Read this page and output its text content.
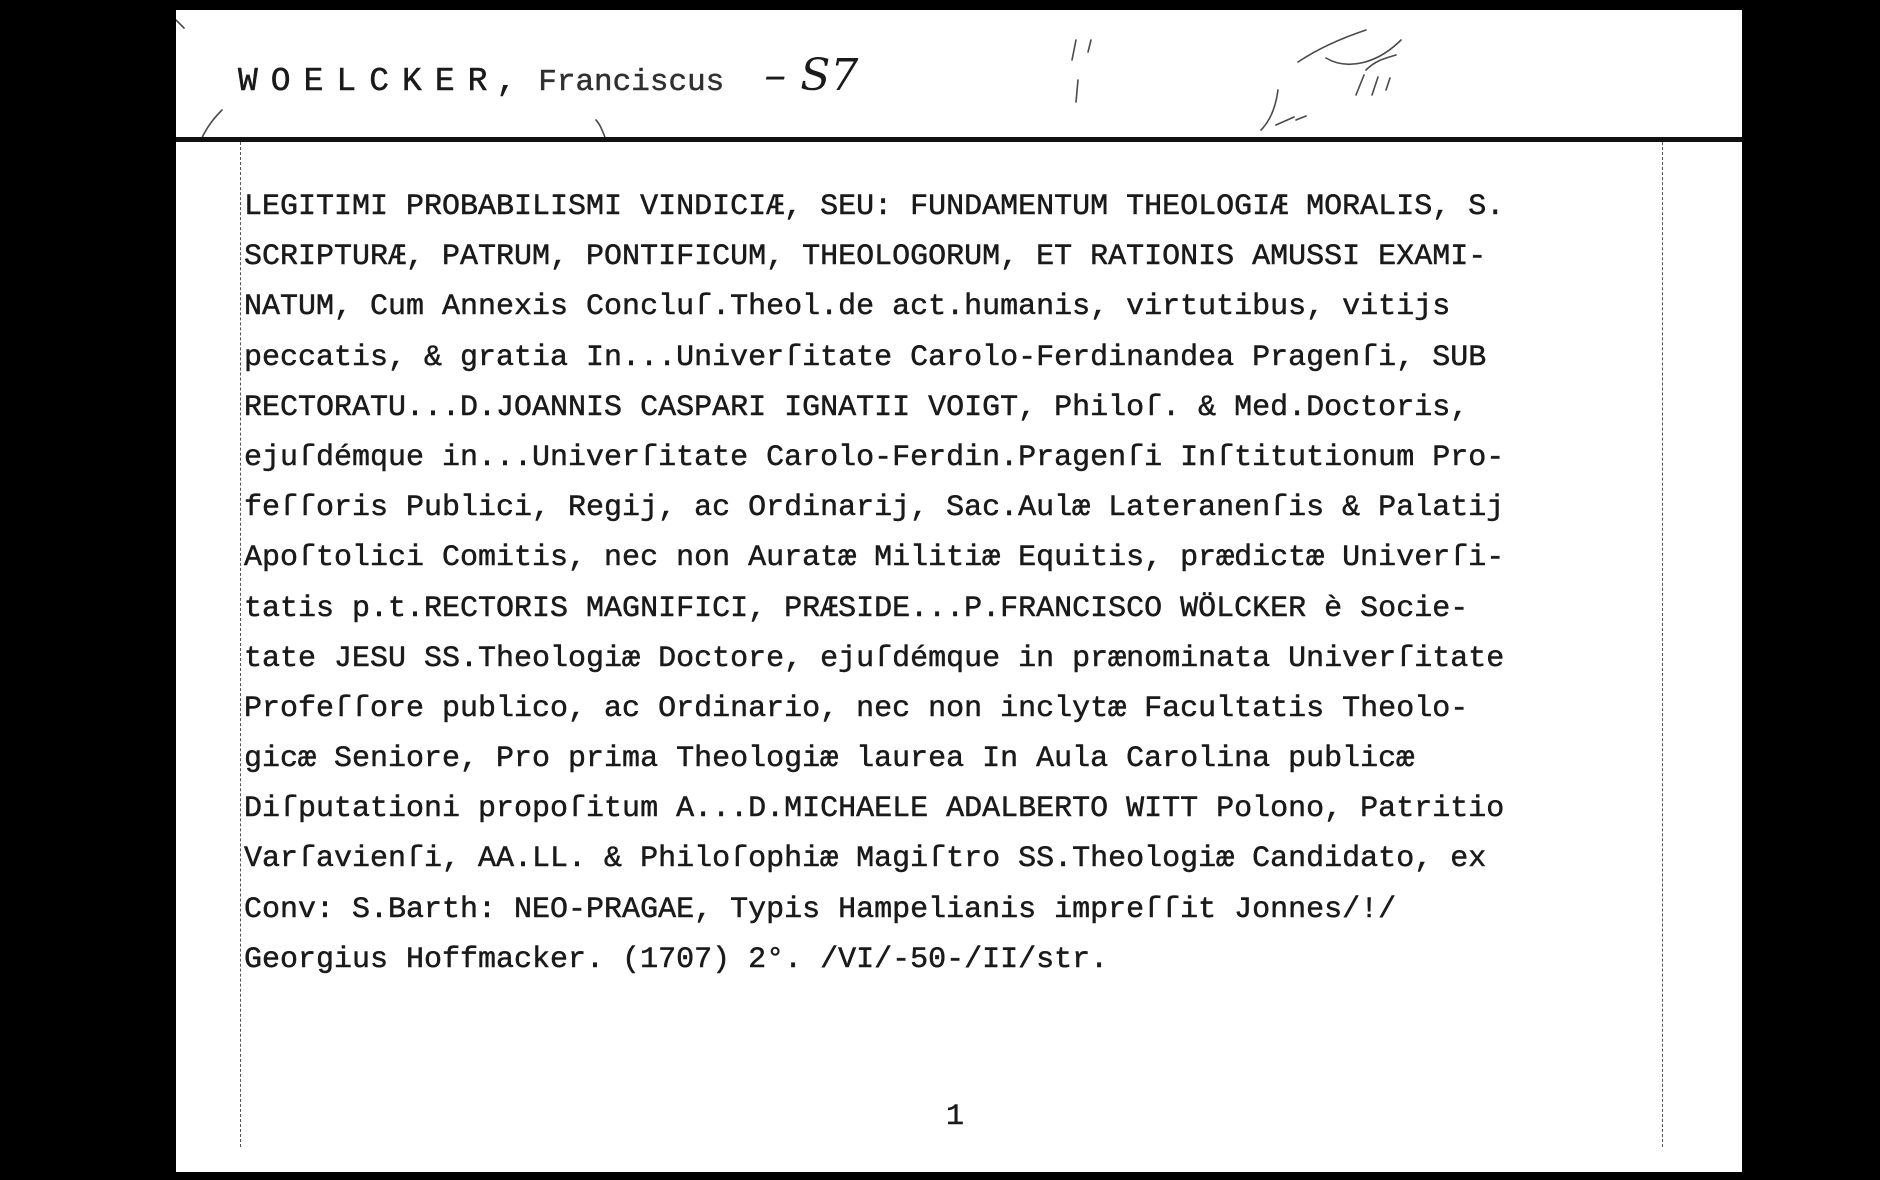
WOELCKER
, Franciscus – S7
LEGITIMI PROBABILISMI VINDICIÆ, SEU: FUNDAMENTUM THEOLOGIÆ MORALIS, S.
SCRIPTURÆ, PATRUM, PONTIFICUM, THEOLOGORUM, ET RATIONIS AMUSSI EXAMI-
NATUM, Cum Annexis Concluſ.Theol.de act.humanis, virtutibus, vitijs
peccatis, & gratia In...Univerſitate Carolo-Ferdinandea Pragenſi, SUB
RECTORATU...D.JOANNIS CASPARI IGNATII VOIGT, Philoſ. & Med.Doctoris,
ejuſdémque in...Univerſitate Carolo-Ferdin.Pragenſi Inſtitutionum Pro-
feſſoris Publici, Regij, ac Ordinarij, Sac.Aulæ Lateranenſis & Palatij
Apoſtolici Comitis, nec non Auratæ Militiæ Equitis, prædictæ Univerſi-
tatis p.t.RECTORIS MAGNIFICI, PRÆSIDE...P.FRANCISCO WÖLCKER è Socie-
tate JESU SS.Theologiæ Doctore, ejuſdémque in prænominata Univerſitate
Profeſſore publico, ac Ordinario, nec non inclytæ Facultatis Theolo-
gicæ Seniore, Pro prima Theologiæ laurea In Aula Carolina publicæ
Diſputationi propoſitum A...D.MICHAELE ADALBERTO WITT Polono, Patritio
Varſavienſi, AA.LL. & Philoſophiæ Magiſtro SS.Theologiæ Candidato, ex
Conv: S.Barth: NEO-PRAGAE, Typis Hampelianis impreſſit Jonnes/!/
Georgius Hoffmacker. (1707) 2°. /VI/-50-/II/str.
1
